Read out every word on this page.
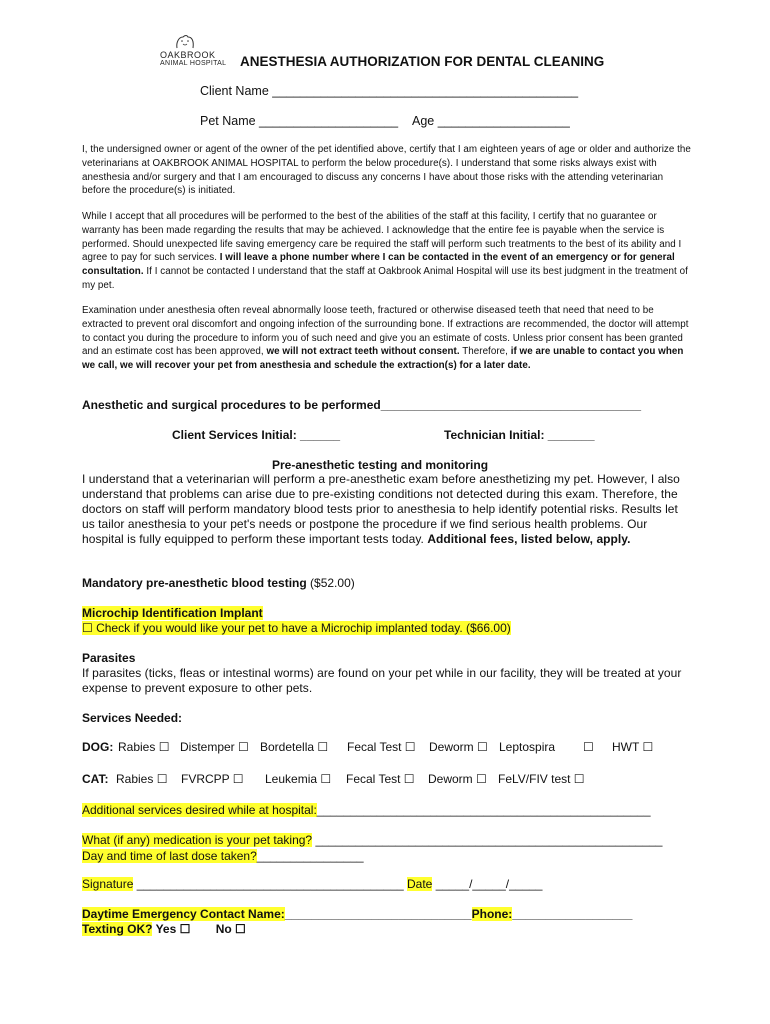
OAKBROOK
ANIMAL HOSPITAL ANESTHESIA AUTHORIZATION FOR DENTAL CLEANING
Client Name ____________________________________________
Pet Name ____________________ Age ___________________
I, the undersigned owner or agent of the owner of the pet identified above, certify that I am eighteen years of age or older and authorize the veterinarians at OAKBROOK ANIMAL HOSPITAL to perform the below procedure(s). I understand that some risks always exist with anesthesia and/or surgery and that I am encouraged to discuss any concerns I have about those risks with the attending veterinarian before the procedure(s) is initiated.
While I accept that all procedures will be performed to the best of the abilities of the staff at this facility, I certify that no guarantee or warranty has been made regarding the results that may be achieved. I acknowledge that the entire fee is payable when the service is performed. Should unexpected life saving emergency care be required the staff will perform such treatments to the best of its ability and I agree to pay for such services. I will leave a phone number where I can be contacted in the event of an emergency or for general consultation. If I cannot be contacted I understand that the staff at Oakbrook Animal Hospital will use its best judgment in the treatment of my pet.
Examination under anesthesia often reveal abnormally loose teeth, fractured or otherwise diseased teeth that need that need to be extracted to prevent oral discomfort and ongoing infection of the surrounding bone. If extractions are recommended, the doctor will attempt to contact you during the procedure to inform you of such need and give you an estimate of costs. Unless prior consent has been granted and an estimate cost has been approved, we will not extract teeth without consent. Therefore, if we are unable to contact you when we call, we will recover your pet from anesthesia and schedule the extraction(s) for a later date.
Anesthetic and surgical procedures to be performed_______________________________________
Client Services Initial: ______	Technician Initial: _______
Pre-anesthetic testing and monitoring
I understand that a veterinarian will perform a pre-anesthetic exam before anesthetizing my pet. However, I also understand that problems can arise due to pre-existing conditions not detected during this exam. Therefore, the doctors on staff will perform mandatory blood tests prior to anesthesia to help identify potential risks. Results let us tailor anesthesia to your pet's needs or postpone the procedure if we find serious health problems. Our hospital is fully equipped to perform these important tests today. Additional fees, listed below, apply.
Mandatory pre-anesthetic blood testing ($52.00)
Microchip Identification Implant
☐ Check if you would like your pet to have a Microchip implanted today. ($66.00)
Parasites
If parasites (ticks, fleas or intestinal worms) are found on your pet while in our facility, they will be treated at your expense to prevent exposure to other pets.
Services Needed:
DOG: Rabies ☐ Distemper ☐ Bordetella ☐ Fecal Test ☐ Deworm ☐ Leptospira ☐ HWT ☐
CAT: Rabies ☐ FVRCPP ☐ Leukemia ☐ Fecal Test ☐ Deworm ☐ FeLV/FIV test ☐
Additional services desired while at hospital:__________________________________________________
What (if any) medication is your pet taking? ____________________________________________________
Day and time of last dose taken?________________
Signature ________________________________________ Date _____/_____/_____
Daytime Emergency Contact Name:____________________________Phone:__________________
Texting OK? Yes ☐ No ☐
